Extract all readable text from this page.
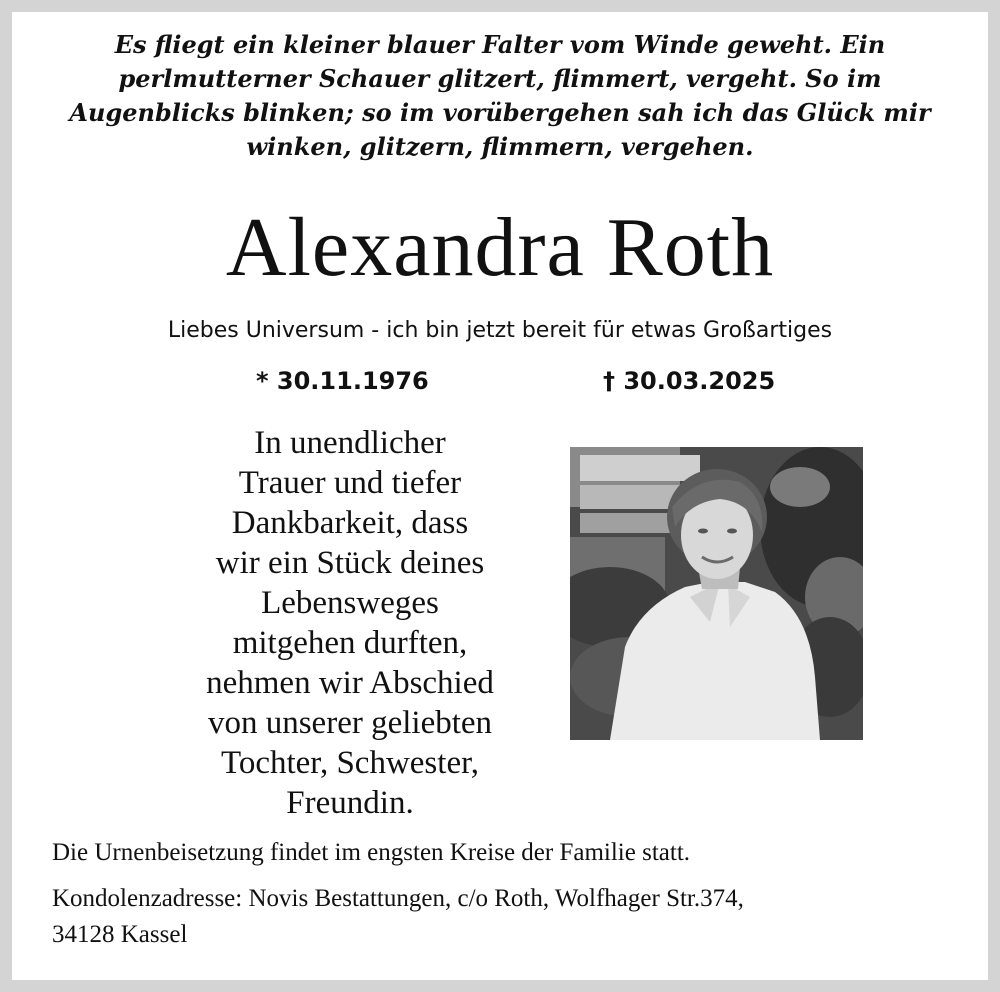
Es fliegt ein kleiner blauer Falter vom Winde geweht. Ein
perlmutterner Schauer glitzert, flimmert, vergeht. So im
Augenblicks blinken; so im vorübergehen sah ich das Glück mir
winken, glitzern, flimmern, vergehen.
Alexandra Roth
Liebes Universum - ich bin jetzt bereit für etwas Großartiges
* 30.11.1976	† 30.03.2025
In unendlicher
Trauer und tiefer
Dankbarkeit, dass
wir ein Stück deines
Lebensweges
mitgehen durften,
nehmen wir Abschied
von unserer geliebten
Tochter, Schwester,
Freundin.
Die Urnenbeisetzung findet im engsten Kreise der Familie statt.
Kondolenzadresse: Novis Bestattungen, c/o Roth, Wolfhager Str.374,
34128 Kassel
